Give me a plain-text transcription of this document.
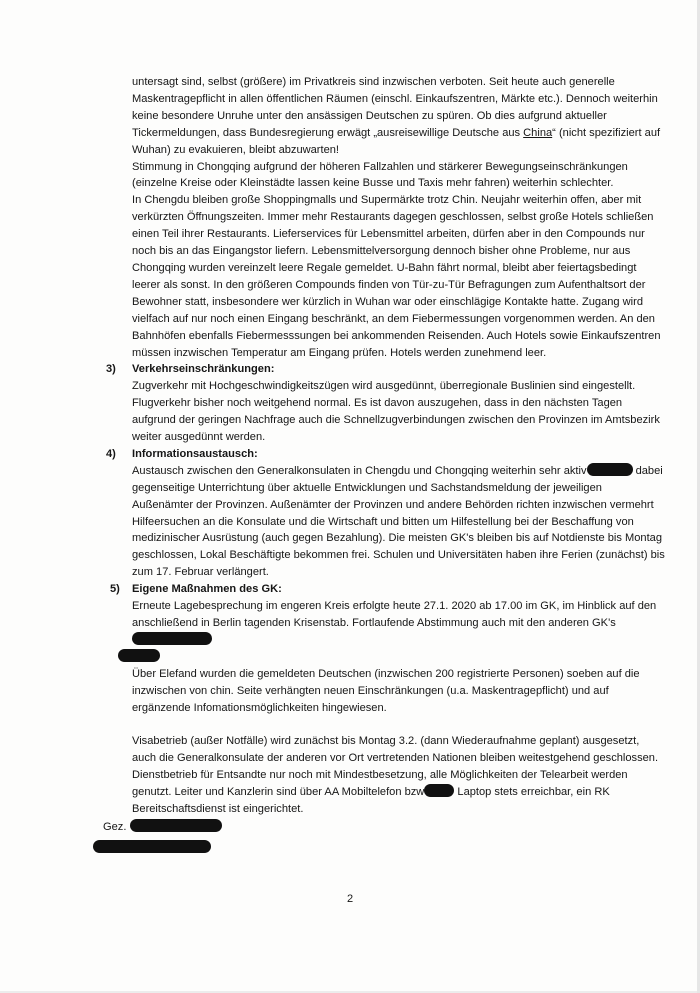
untersagt sind, selbst (größere) im Privatkreis sind inzwischen verboten. Seit heute auch generelle Maskentragepflicht in allen öffentlichen Räumen (einschl. Einkaufszentren, Märkte etc.). Dennoch weiterhin keine besondere Unruhe unter den ansässigen Deutschen zu spüren. Ob dies aufgrund aktueller Tickermeldungen, dass Bundesregierung erwägt „ausreisewillige Deutsche aus China“ (nicht spezifiziert auf Wuhan) zu evakuieren, bleibt abzuwarten!

Stimmung in Chongqing aufgrund der höheren Fallzahlen und stärkerer Bewegungseinschränkungen (einzelne Kreise oder Kleinstädte lassen keine Busse und Taxis mehr fahren) weiterhin schlechter.

In Chengdu bleiben große Shoppingmalls und Supermärkte trotz Chin. Neujahr weiterhin offen, aber mit verkürzten Öffnungszeiten. Immer mehr Restaurants dagegen geschlossen, selbst große Hotels schließen einen Teil ihrer Restaurants. Lieferservices für Lebensmittel arbeiten, dürfen aber in den Compounds nur noch bis an das Eingangstor liefern. Lebensmittelversorgung dennoch bisher ohne Probleme, nur aus Chongqing wurden vereinzelt leere Regale gemeldet. U-Bahn fährt normal, bleibt aber feiertagsbedingt leerer als sonst. In den größeren Compounds finden von Tür-zu-Tür Befragungen zum Aufenthaltsort der Bewohner statt, insbesondere wer kürzlich in Wuhan war oder einschlägige Kontakte hatte. Zugang wird vielfach auf nur noch einen Eingang beschränkt, an dem Fiebermessungen vorgenommen werden. An den Bahnhöfen ebenfalls Fiebermesssungen bei ankommenden Reisenden. Auch Hotels sowie Einkaufszentren müssen inzwischen Temperatur am Eingang prüfen. Hotels werden zunehmend leer.

3) Verkehrseinschränkungen:

Zugverkehr mit Hochgeschwindigkeitszügen wird ausgedünnt, überregionale Buslinien sind eingestellt. Flugverkehr bisher noch weitgehend normal. Es ist davon auszugehen, dass in den nächsten Tagen aufgrund der geringen Nachfrage auch die Schnellzugverbindungen zwischen den Provinzen im Amtsbezirk weiter ausgedünnt werden.

4) Informationsaustausch:

Austausch zwischen den Generalkonsulaten in Chengdu und Chongqing weiterhin sehr aktiv	dabei gegenseitige Unterrichtung über aktuelle Entwicklungen und Sachstandsmeldung der jeweiligen Außenämter der Provinzen. Außenämter der Provinzen und andere Behörden richten inzwischen vermehrt Hilfeersuchen an die Konsulate und die Wirtschaft und bitten um Hilfestellung bei der Beschaffung von medizinischer Ausrüstung (auch gegen Bezahlung). Die meisten GK's bleiben bis auf Notdienste bis Montag geschlossen, Lokal Beschäftigte bekommen frei. Schulen und Universitäten haben ihre Ferien (zunächst) bis zum 17. Februar verlängert.

5) Eigene Maßnahmen des GK:

Erneute Lagebesprechung im engeren Kreis erfolgte heute 27.1. 2020 ab 17.00 im GK, im Hinblick auf den anschließend in Berlin tagenden Krisenstab. Fortlaufende Abstimmung auch mit den anderen GK's

Über Elefand wurden die gemeldeten Deutschen (inzwischen 200 registrierte Personen) soeben auf die inzwischen von chin. Seite verhängten neuen Einschränkungen (u.a. Maskentragepflicht) und auf ergänzende Infomationsmöglichkeiten hingewiesen.

Visabetrieb (außer Notfälle) wird zunächst bis Montag 3.2. (dann Wiederaufnahme geplant) ausgesetzt, auch die Generalkonsulate der anderen vor Ort vertretenden Nationen bleiben weitestgehend geschlossen. Dienstbetrieb für Entsandte nur noch mit Mindestbesetzung, alle Möglichkeiten der Telearbeit werden genutzt. Leiter und Kanzlerin sind über AA Mobiltelefon bzw	Laptop stets erreichbar, ein RK Bereitschaftsdienst ist eingerichtet.

Gez.
2
